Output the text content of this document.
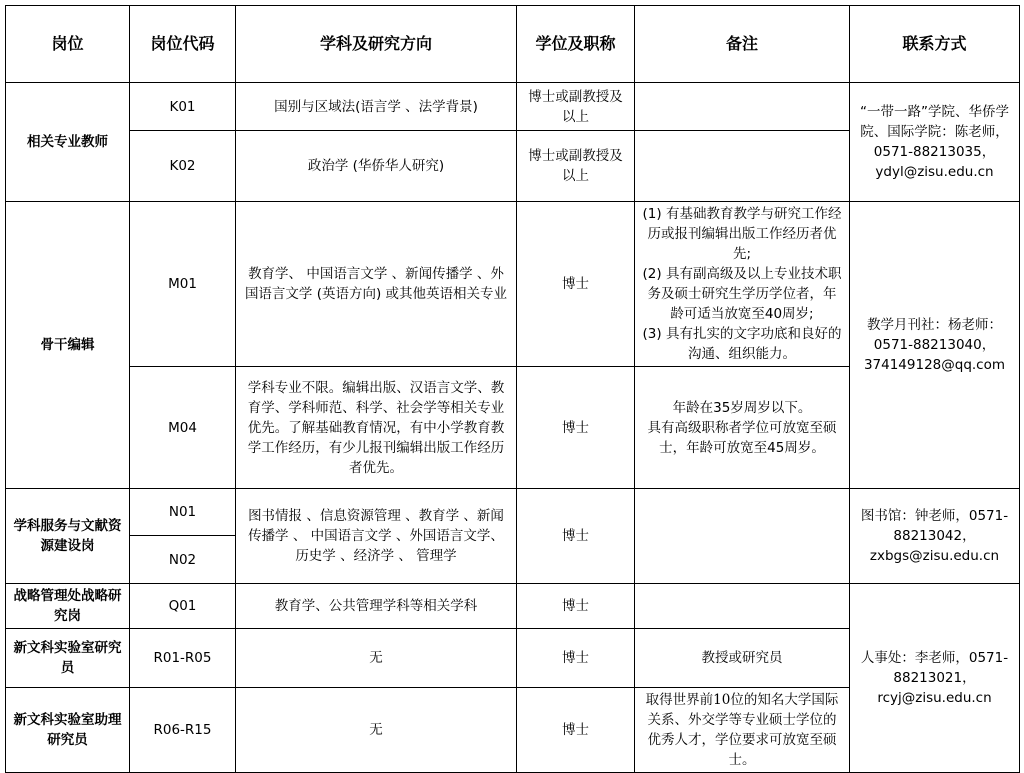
岗位	岗位代码	学科及研究方向	学位及职称	备注	联系方式
相关专业教师	K01	国别与区域法(语言学 、法学背景)	博士或副教授及以上		“一带一路”学院、华侨学院、国际学院：陈老师，0571-88213035，ydyl@zisu.edu.cn
	K02	政治学 (华侨华人研究)	博士或副教授及以上		
骨干编辑	M01	教育学、 中国语言文学 、新闻传播学 、外国语言文学 (英语方向) 或其他英语相关专业	博士	(1) 有基础教育教学与研究工作经历或报刊编辑出版工作经历者优先;
(2) 具有副高级及以上专业技术职务及硕士研究生学历学位者，年龄可适当放宽至40周岁;
(3) 具有扎实的文字功底和良好的沟通、组织能力。	教学月刊社：杨老师：0571-88213040，374149128@qq.com
	M04	学科专业不限。编辑出版、汉语言文学、教育学、学科师范、科学、社会学等相关专业优先。了解基础教育情况，有中小学教育教学工作经历，有少儿报刊编辑出版工作经历者优先。	博士	年龄在35岁周岁以下。
具有高级职称者学位可放宽至硕士，年龄可放宽至45周岁。	

学科服务与文献资源建设岗	N01	图书情报 、信息资源管理 、教育学 、新闻传播学 、 中国语言文学 、外国语言文学、历史学 、经济学 、 管理学	博士		图书馆：钟老师，0571-88213042，zxbgs@zisu.edu.cn
	N02				
战略管理处战略研究岗	Q01	教育学、公共管理学科等相关学科	博士		人事处：李老师，0571-88213021，rcyj@zisu.edu.cn
新文科实验室研究员	R01-R05	无	博士	教授或研究员	
新文科实验室助理研究员	R06-R15	无	博士	取得世界前10位的知名大学国际关系、外交学等专业硕士学位的优秀人才，学位要求可放宽至硕士。	
